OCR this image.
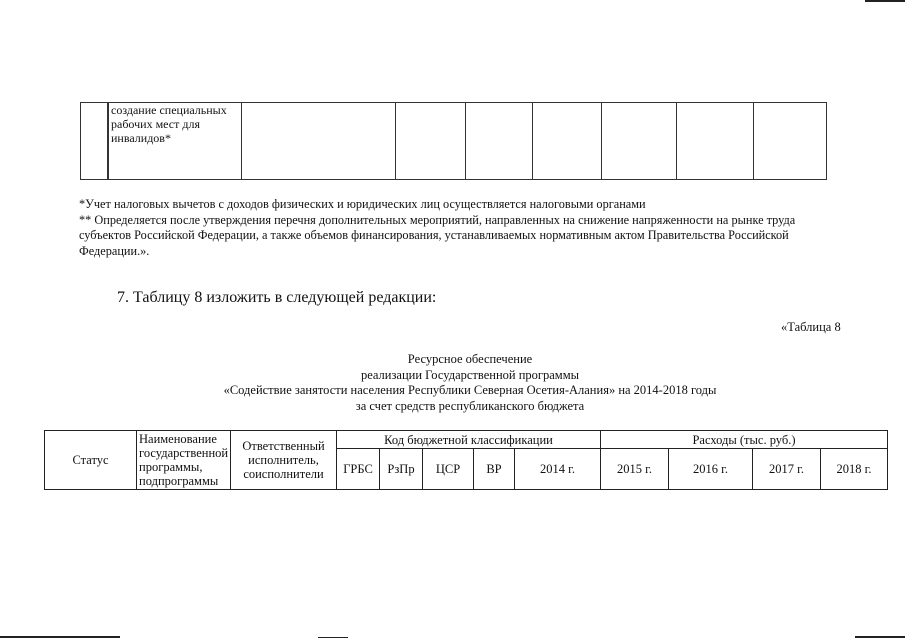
	создание специальных рабочих мест для инвалидов*							

*Учет налоговых вычетов с доходов физических и юридических лиц осуществляется налоговыми органами

** Определяется после утверждения перечня дополнительных мероприятий, направленных на снижение напряженности на рынке труда субъектов Российской Федерации, а также объемов финансирования, устанавливаемых нормативным актом Правительства Российской Федерации.».

7. Таблицу 8 изложить в следующей редакции:
«Таблица 8
Ресурсное обеспечение
реализации Государственной программы
«Содействие занятости населения Республики Северная Осетия-Алания» на 2014-2018 годы
за счет средств республиканского бюджета
Статус	Наименование государственной программы, подпрограммы	Ответственный исполнитель, соисполнители	Код бюджетной классификации					Расходы (тыс. руб.)			
			ГРБС	РзПр	ЦСР	ВР	2014 г.	2015 г.	2016 г.	2017 г.	2018 г.
